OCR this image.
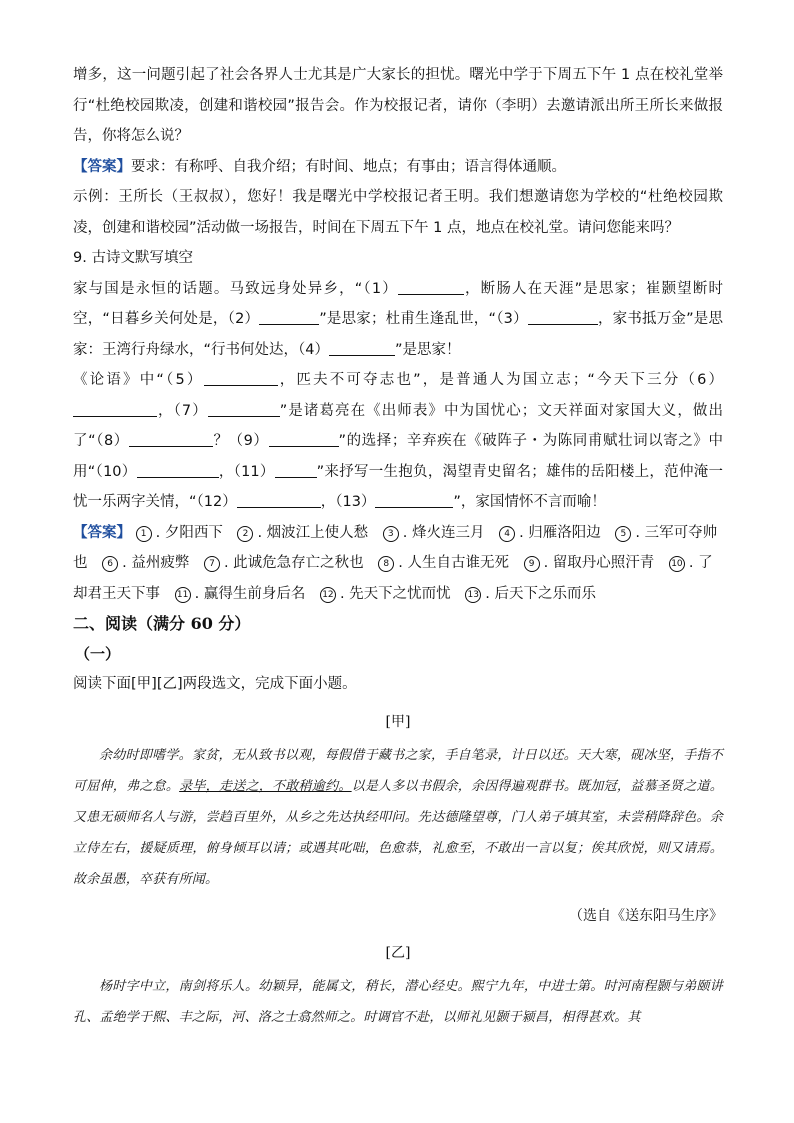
增多，这一问题引起了社会各界人士尤其是广大家长的担忧。曙光中学于下周五下午 1 点在校礼堂举行“杜绝校园欺凌，创建和谐校园”报告会。作为校报记者，请你（李明）去邀请派出所王所长来做报告，你将怎么说？

【答案】要求：有称呼、自我介绍；有时间、地点；有事由；语言得体通顺。

示例：王所长（王叔叔），您好！我是曙光中学校报记者王明。我们想邀请您为学校的“杜绝校园欺凌，创建和谐校园”活动做一场报告，时间在下周五下午 1 点，地点在校礼堂。请问您能来吗？

9. 古诗文默写填空

家与国是永恒的话题。马致远身处异乡，“（1）	，断肠人在天涯”是思家；崔颢望断时空，“日暮乡关何处是，（2）	”是思家；杜甫生逢乱世，“（3）	，家书抵万金”是思家：王湾行舟绿水，“行书何处达，（4）	”是思家！

《论语》中“（5）	，匹夫不可夺志也”，是普通人为国立志；“今天下三分（6），（7）	”是诸葛亮在《出师表》中为国忧心；文天祥面对家国大义，做出了“（8）	？（9）	”的选择；辛弃疾在《破阵子・为陈同甫赋壮词以寄之》中用“（10）	，（11）	”来抒写一生抱负，渴望青史留名；雄伟的岳阳楼上，范仲淹一忧一乐两字关情，“（12）	，（13）	”，家国情怀不言而喻！

【答案】 1 . 夕阳西下 2 . 烟波江上使人愁 3 . 烽火连三月 4 . 归雁洛阳边 5 . 三军可夺帅也 6 . 益州疲弊 7 . 此诚危急存亡之秋也 8 . 人生自古谁无死 9 . 留取丹心照汗青 10 . 了却君王天下事 11 . 赢得生前身后名 12 . 先天下之忧而忧 13 . 后天下之乐而乐

二、阅读（满分 60 分）

（一）

阅读下面[甲][乙]两段选文，完成下面小题。

[甲]

余幼时即嗜学。家贫，无从致书以观，每假借于藏书之家，手自笔录，计日以还。天大寒，砚冰坚，手指不可屈伸，弗之怠。录毕，走送之，不敢稍逾约。以是人多以书假余，余因得遍观群书。既加冠，益慕圣贤之道。又患无硕师名人与游，尝趋百里外，从乡之先达执经叩问。先达德隆望尊，门人弟子填其室，未尝稍降辞色。余立侍左右，援疑质理，俯身倾耳以请；或遇其叱咄，色愈恭，礼愈至，不敢出一言以复；俟其欣悦，则又请焉。故余虽愚，卒获有所闻。

（选自《送东阳马生序》

[乙]

杨时字中立，南剑将乐人。幼颖异，能属文，稍长，潜心经史。熙宁九年，中进士第。时河南程颢与弟颐讲孔、孟绝学于熙、丰之际，河、洛之士翕然师之。时调官不赴，以师礼见颢于颍昌，相得甚欢。其
